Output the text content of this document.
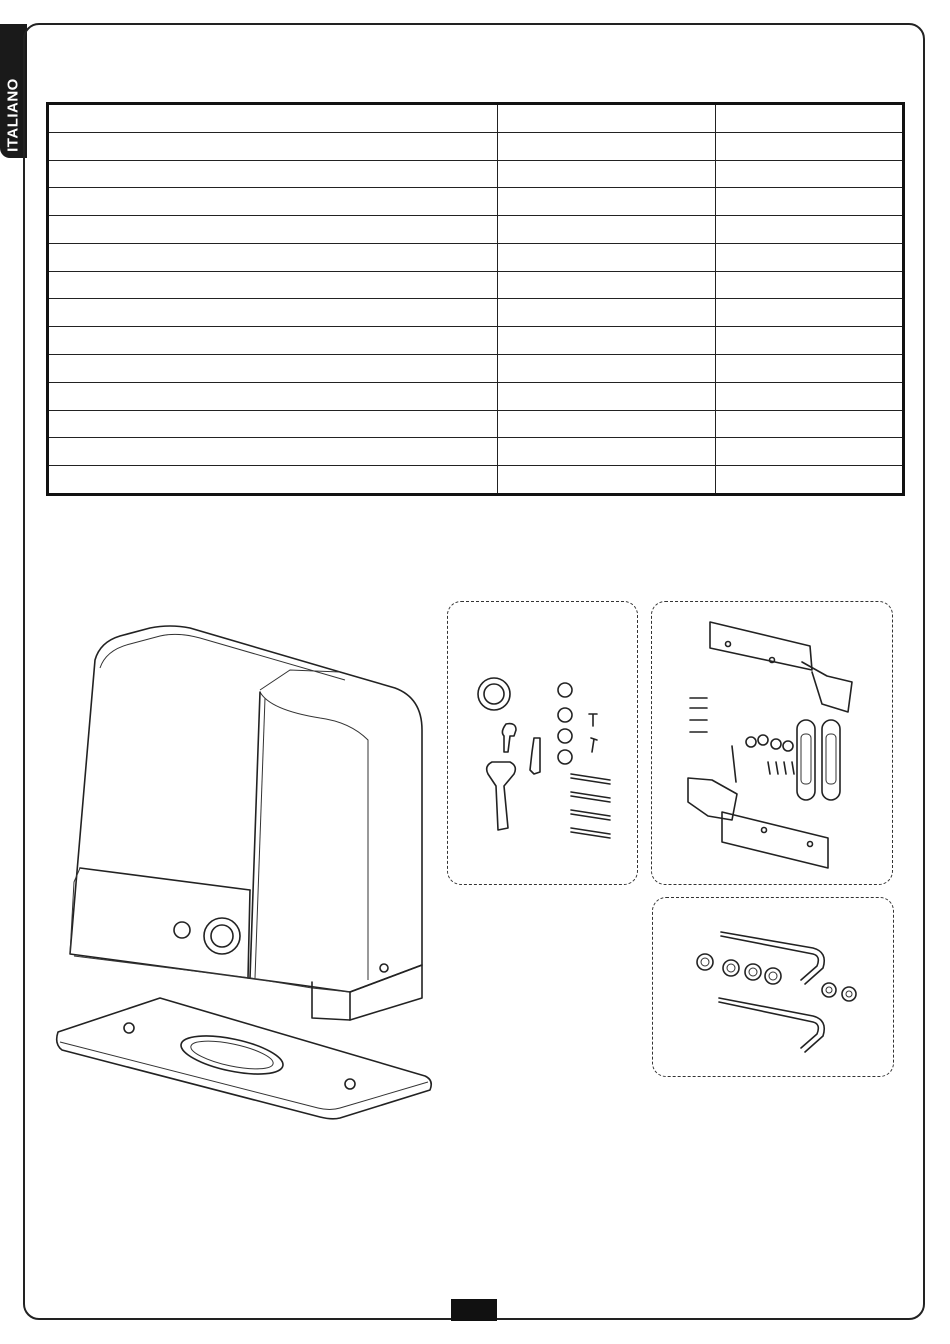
ITALIANO
